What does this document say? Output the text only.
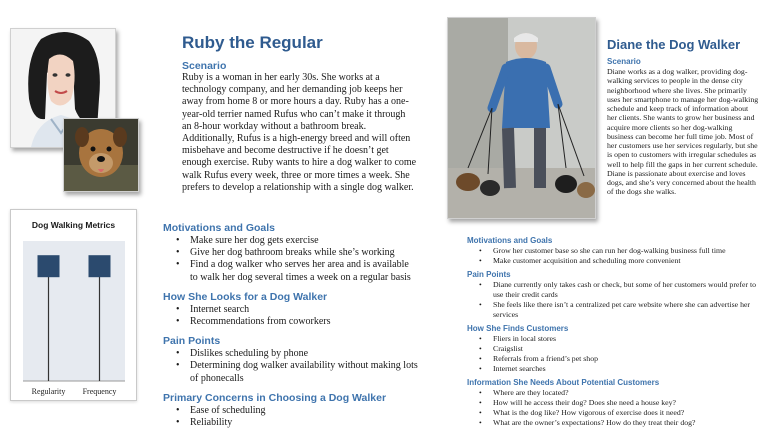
Ruby the Regular
Scenario
Ruby is a woman in her early 30s. She works at a
technology company, and her demanding job keeps her
away from home 8 or more hours a day. Ruby has a one-
year-old terrier named Rufus who can’t make it through
an 8-hour workday without a bathroom break.
Additionally, Rufus is a high-energy breed and will often
misbehave and become destructive if he doesn’t get
enough exercise. Ruby wants to hire a dog walker to come
walk Rufus every week, three or more times a week. She
prefers to develop a relationship with a single dog walker.
Motivations and Goals
• Make sure her dog gets exercise
• Give her dog bathroom breaks while she’s working
• Find a dog walker who serves her area and is available
to walk her dog several times a week on a regular basis
How She Looks for a Dog Walker
• Internet search
• Recommendations from coworkers
Pain Points
• Dislikes scheduling by phone
• Determining dog walker availability without making lots
of phonecalls
Primary Concerns in Choosing a Dog Walker
• Ease of scheduling
• Reliability
Dog Walking Metrics
Regularity Frequency
Diane the Dog Walker
Scenario
Diane works as a dog walker, providing dog-
walking services to people in the dense city
neighborhood where she lives. She primarily
uses her smartphone to manage her dog-walking
schedule and keep track of information about
her clients. She wants to grow her business and
acquire more clients so her dog-walking
business can become her full time job. Most of
her customers use her services regularly, but she
is open to customers with irregular schedules as
well to help fill the gaps in her current schedule.
Diane is passionate about exercise and loves
dogs, and she’s very concerned about the health
of the dogs she walks.
Motivations and Goals
• Grow her customer base so she can run her dog-walking business full time
• Make customer acquisition and scheduling more convenient
Pain Points
• Diane currently only takes cash or check, but some of her customers would prefer to
use their credit cards
• She feels like there isn’t a centralized pet care website where she can advertise her
services
How She Finds Customers
• Fliers in local stores
• Craigslist
• Referrals from a friend’s pet shop
• Internet searches
Information She Needs About Potential Customers
• Where are they located?
• How will he access their dog? Does she need a house key?
• What is the dog like? How vigorous of exercise does it need?
• What are the owner’s expectations? How do they treat their dog?
